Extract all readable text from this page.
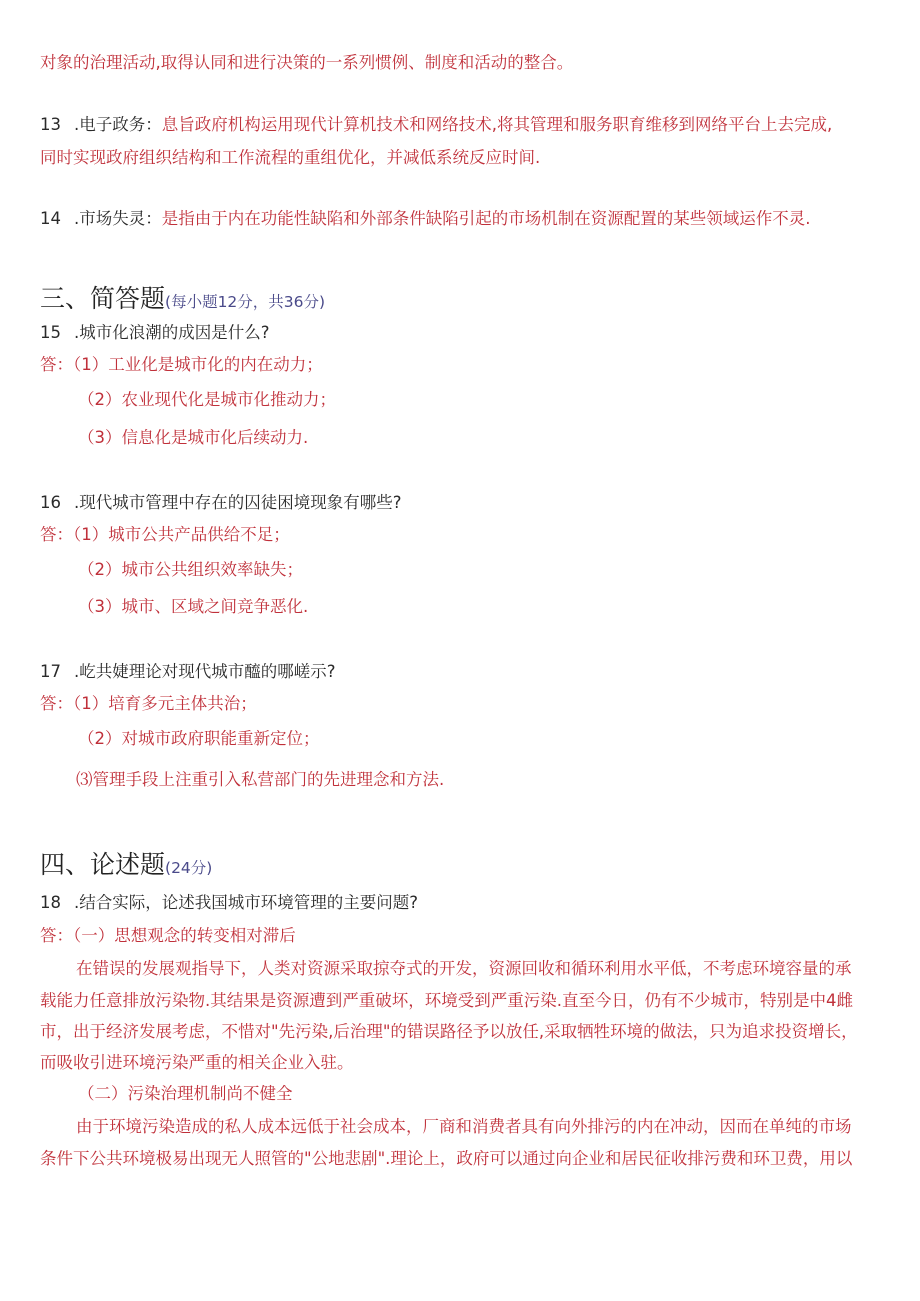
对象的治理活动,取得认同和进行决策的一系列惯例、制度和活动的整合。
13 .电子政务：息旨政府机构运用现代计算机技术和网络技术,将其管理和服务职育维移到网络平台上去完成,
同时实现政府组织结构和工作流程的重组优化，并减低系统反应时间.
14 .市场失灵：是指由于内在功能性缺陷和外部条件缺陷引起的市场机制在资源配置的某些领域运作不灵.
三、简答题(每小题12分，共36分)
15 .城市化浪潮的成因是什么?
答：（1）工业化是城市化的内在动力；
（2）农业现代化是城市化推动力；
（3）信息化是城市化后续动力.
16 .现代城市管理中存在的囚徒困境现象有哪些?
答：（1）城市公共产品供给不足；
（2）城市公共组织效率缺失；
（3）城市、区域之间竞争恶化.
17 .屹共婕理论对现代城市醯的哪嵯示?
答：（1）培育多元主体共治；
（2）对城市政府职能重新定位；
⑶管理手段上注重引入私营部门的先进理念和方法.
四、论述题(24分)
18 .结合实际，论述我国城市环境管理的主要问题?
答：（一）思想观念的转变相对滞后
在错误的发展观指导下，人类对资源采取掠夺式的开发，资源回收和循环利用水平低，不考虑环境容量的承
载能力任意排放污染物.其结果是资源遭到严重破坏，环境受到严重污染.直至今日，仍有不少城市，特别是中4雌
市，出于经济发展考虑，不惜对"先污染,后治理"的错误路径予以放任,采取牺牲环境的做法，只为追求投资增长，
而吸收引进环境污染严重的相关企业入驻。
（二）污染治理机制尚不健全
由于环境污染造成的私人成本远低于社会成本，厂商和消费者具有向外排污的内在冲动，因而在单纯的市场
条件下公共环境极易出现无人照管的"公地悲剧".理论上，政府可以通过向企业和居民征收排污费和环卫费，用以
